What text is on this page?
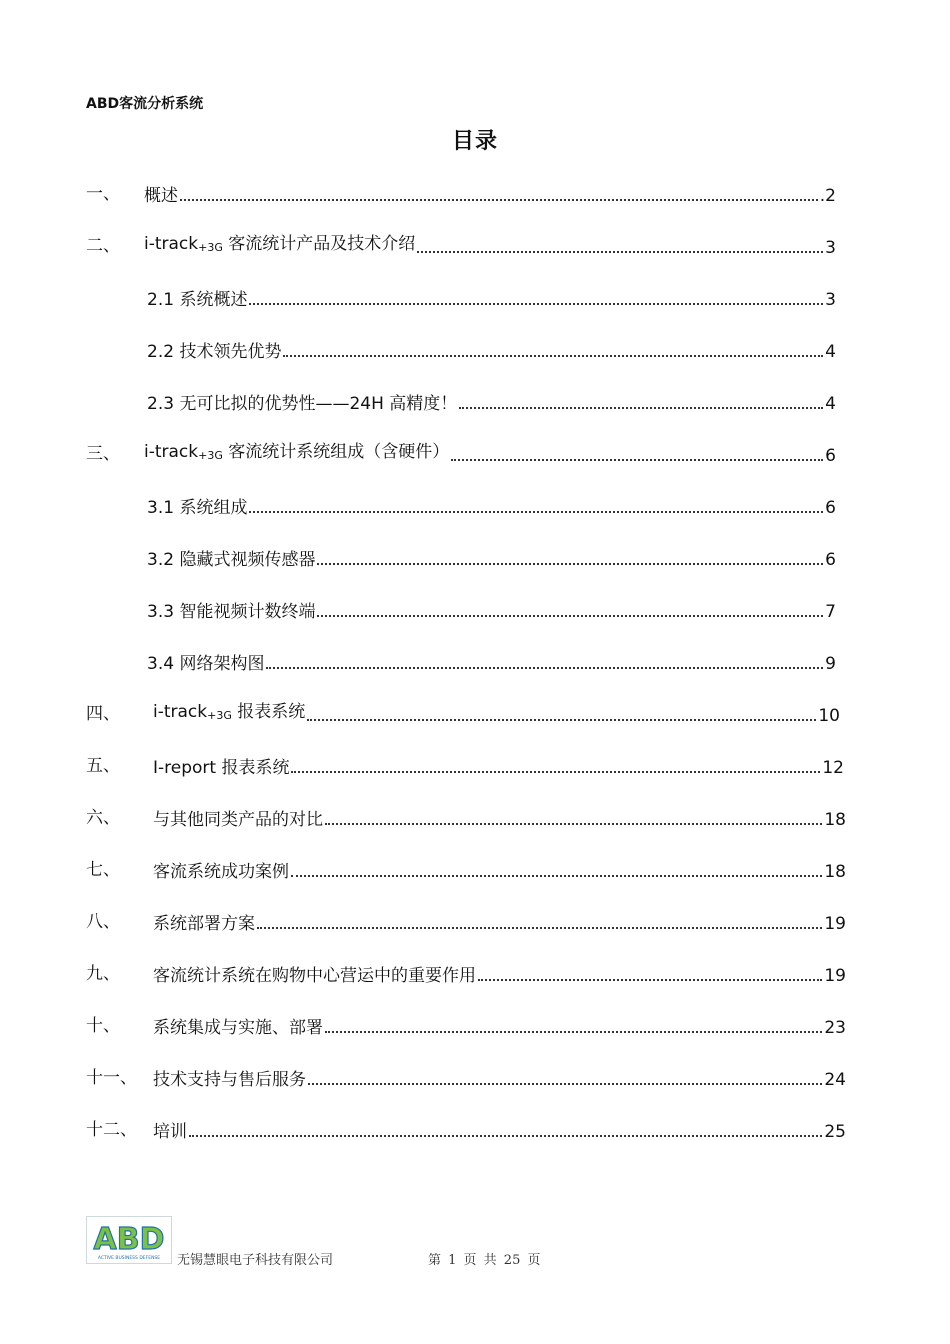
ABD客流分析系统
目录
一、 概述	.2
二、 i-track+3G 客流统计产品及技术介绍	3
2.1 系统概述	3
2.2 技术领先优势	4
2.3 无可比拟的优势性——24H 高精度！	4
三、 i-track+3G 客流统计系统组成（含硬件）	6
3.1 系统组成	6
3.2 隐藏式视频传感器	6
3.3 智能视频计数终端	7
3.4 网络架构图	9
四、 i-track+3G 报表系统	10
五、 I-report 报表系统	12
六、 与其他同类产品的对比	18
七、 客流系统成功案例	18
八、 系统部署方案	19
九、 客流统计系统在购物中心营运中的重要作用	19
十、 系统集成与实施、部署	23
十一、 技术支持与售后服务	24
十二、 培训	25
ABD
ACTIVE BUSINESS DEFENSE 无锡慧眼电子科技有限公司	第 1 页 共 25 页
